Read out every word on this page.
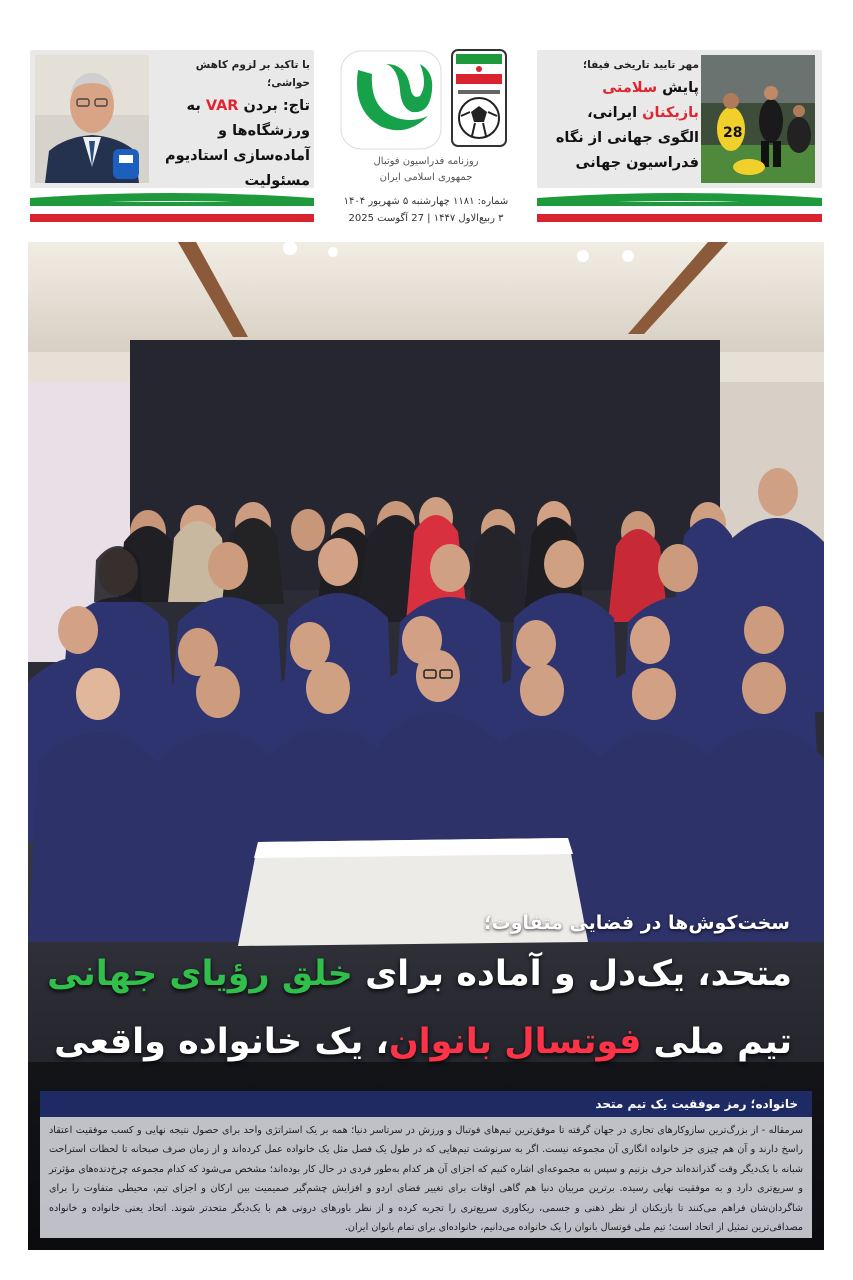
با تاکید بر لزوم کاهش حواشی؛
تاج: بردن VAR به ورزشگاه‌ها و آماده‌سازی استادیوم مسئولیت
روزنامه فدراسیون فوتبال
جمهوری اسلامی ایران
مهر تایید تاریخی فیفا؛
پایش سلامتی بازیکنان ایرانی، الگوی جهانی از نگاه فدراسیون جهانی
28
شماره: ۱۱۸۱ چهارشنبه ۵ شهریور ۱۴۰۴
۳ ربیع‌الاول ۱۴۴۷ | 27 آگوست 2025
سخت‌کوش‌ها در فضایی متفاوت؛
متحد، یک‌دل و آماده برای خلق رؤیای جهانی
تیم ملی فوتسال بانوان، یک خانواده واقعی
خانواده؛ رمز موفقیت یک تیم متحد
سرمقاله - از بزرگ‌ترین سازوکارهای تجاری در جهان گرفته تا موفق‌ترین تیم‌های فوتبال و ورزش در سرتاسر دنیا؛ همه بر یک استراتژی واحد برای حصول نتیجه نهایی و کسب موفقیت اعتقاد راسخ دارند و آن هم چیزی جز خانواده انگاری آن مجموعه نیست. اگر به سرنوشت تیم‌هایی که در طول یک فصل مثل یک خانواده عمل کرده‌اند و از زمان صرف صبحانه تا لحظات استراحت شبانه با یک‌دیگر وقت گذرانده‌اند حرف بزنیم و سپس به مجموعه‌ای اشاره کنیم که اجزای آن هر کدام به‌طور فردی در حال کار بوده‌اند؛ مشخص می‌شود که کدام مجموعه چرخ‌دنده‌های مؤثرتر و سریع‌تری دارد و به موفقیت نهایی رسیده. برترین مربیان دنیا هم گاهی اوقات برای تغییر فضای اردو و افزایش چشم‌گیر صمیمیت بین ارکان و اجزای تیم، محیطی متفاوت را برای شاگردان‌شان فراهم می‌کنند تا بازیکنان از نظر ذهنی و جسمی، ریکاوری سریع‌تری را تجربه کرده و از نظر باورهای درونی هم با یک‌دیگر متحدتر شوند. اتحاد یعنی خانواده و خانواده مصداقی‌ترین تمثیل از اتحاد است؛ تیم ملی فوتسال بانوان را یک خانواده می‌دانیم، خانواده‌ای برای تمام بانوان ایران.
